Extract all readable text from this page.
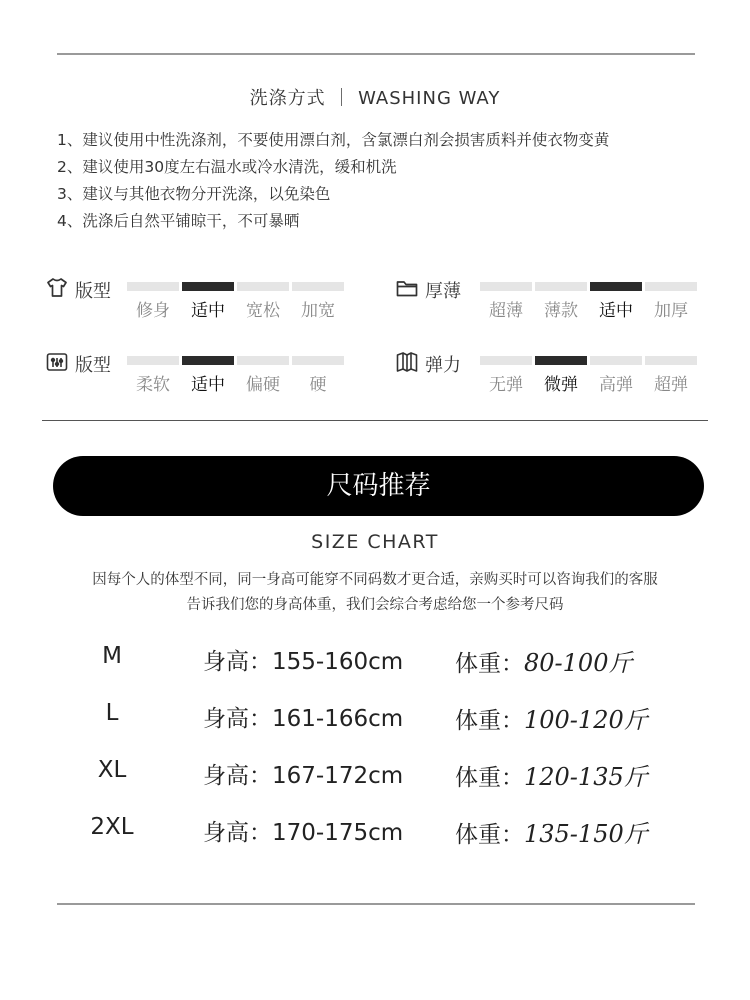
洗涤方式 ｜ WASHING WAY
1、建议使用中性洗涤剂，不要使用漂白剂，含氯漂白剂会损害质料并使衣物变黄
2、建议使用30度左右温水或冷水清洗，缓和机洗
3、建议与其他衣物分开洗涤，以免染色
4、洗涤后自然平铺晾干，不可暴晒
版型
修身	适中	宽松	加宽
厚薄
超薄	薄款	适中	加厚
版型
柔软	适中	偏硬	硬
弹力
无弹	微弹	高弹	超弹
尺码推荐
SIZE CHART
因每个人的体型不同，同一身高可能穿不同码数才更合适，亲购买时可以咨询我们的客服
告诉我们您的身高体重，我们会综合考虑给您一个参考尺码
M	身高：155-160cm 体重：80-100斤
L	身高：161-166cm 体重：100-120斤
XL	身高：167-172cm 体重：120-135斤
2XL	身高：170-175cm 体重：135-150斤
